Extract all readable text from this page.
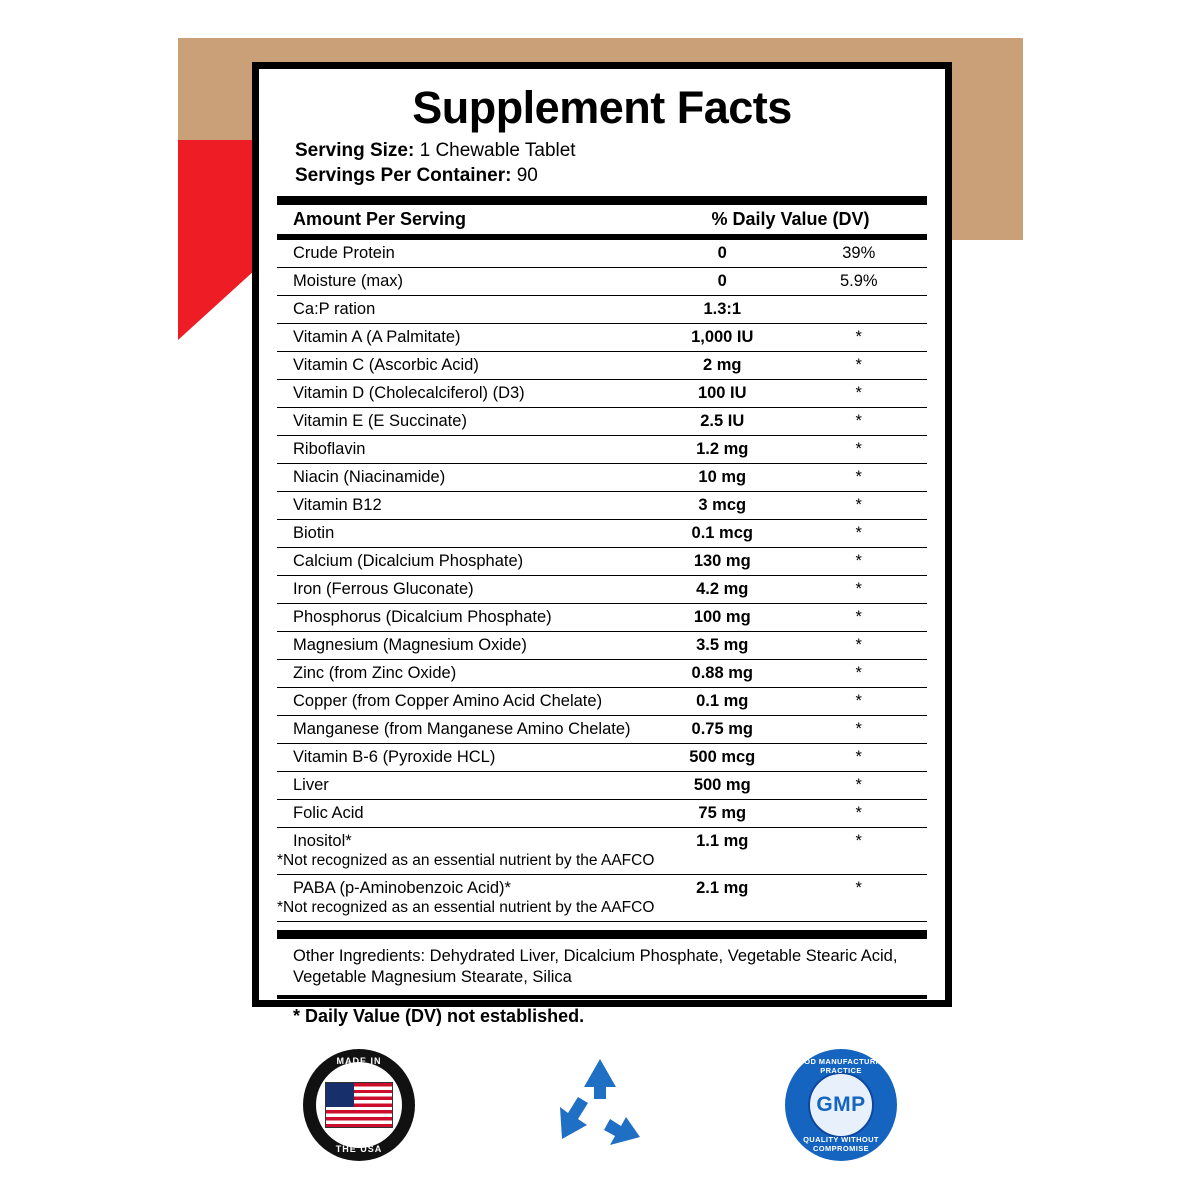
Supplement Facts
Serving Size: 1 Chewable Tablet
Servings Per Container: 90
Amount Per Serving	% Daily Value (DV)	

Crude Protein	0	39%
Moisture (max)	0	5.9%
Ca:P ration	1.3:1	
Vitamin A (A Palmitate)	1,000 IU	*
Vitamin C (Ascorbic Acid)	2 mg	*
Vitamin D (Cholecalciferol) (D3)	100 IU	*
Vitamin E (E Succinate)	2.5 IU	*
Riboflavin	1.2 mg	*
Niacin (Niacinamide)	10 mg	*
Vitamin B12	3 mcg	*
Biotin	0.1 mcg	*
Calcium (Dicalcium Phosphate)	130 mg	*
Iron (Ferrous Gluconate)	4.2 mg	*
Phosphorus (Dicalcium Phosphate)	100 mg	*
Magnesium (Magnesium Oxide)	3.5 mg	*
Zinc (from Zinc Oxide)	0.88 mg	*
Copper (from Copper Amino Acid Chelate)	0.1 mg	*
Manganese (from Manganese Amino Chelate)	0.75 mg	*
Vitamin B-6 (Pyroxide HCL)	500 mcg	*
Liver	500 mg	*
Folic Acid	75 mg	*
Inositol*	1.1 mg	*
*Not recognized as an essential nutrient by the AAFCO		
PABA (p-Aminobenzoic Acid)*	2.1 mg	*
*Not recognized as an essential nutrient by the AAFCO		
Other Ingredients: Dehydrated Liver, Dicalcium Phosphate, Vegetable Stearic Acid, Vegetable Magnesium Stearate, Silica
* Daily Value (DV) not established.
MADE IN
THE USA
GMP
GOOD MANUFACTURING PRACTICE
QUALITY WITHOUT COMPROMISE
